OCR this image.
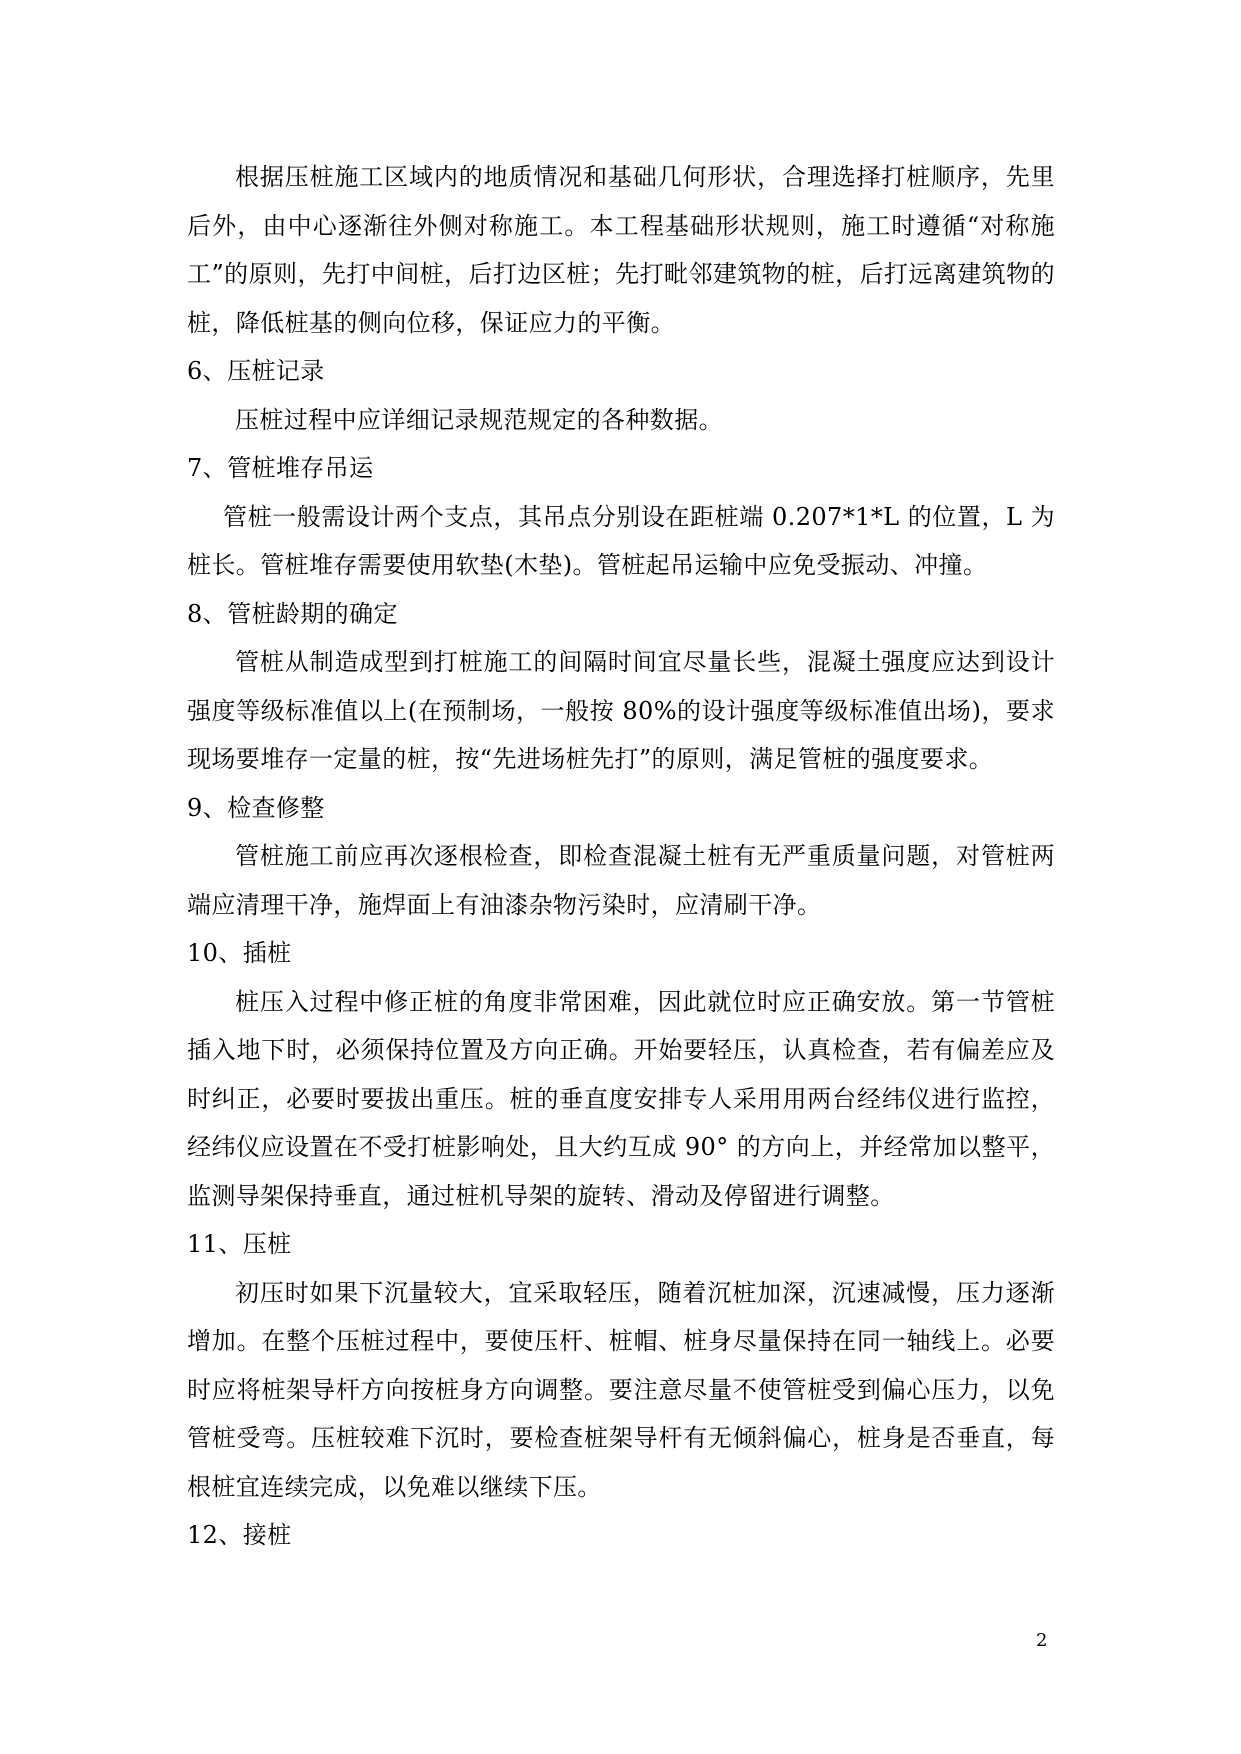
根据压桩施工区域内的地质情况和基础几何形状，合理选择打桩顺序，先里后外，由中心逐渐往外侧对称施工。本工程基础形状规则，施工时遵循“对称施工”的原则，先打中间桩，后打边区桩；先打毗邻建筑物的桩，后打远离建筑物的桩，降低桩基的侧向位移，保证应力的平衡。

6、压桩记录

压桩过程中应详细记录规范规定的各种数据。

7、管桩堆存吊运

管桩一般需设计两个支点，其吊点分别设在距桩端 0.207*1*L 的位置，L 为桩长。管桩堆存需要使用软垫(木垫)。管桩起吊运输中应免受振动、冲撞。

8、管桩龄期的确定

管桩从制造成型到打桩施工的间隔时间宜尽量长些，混凝土强度应达到设计强度等级标准值以上(在预制场，一般按 80%的设计强度等级标准值出场)，要求现场要堆存一定量的桩，按“先进场桩先打”的原则，满足管桩的强度要求。

9、检查修整

管桩施工前应再次逐根检查，即检查混凝土桩有无严重质量问题，对管桩两端应清理干净，施焊面上有油漆杂物污染时，应清刷干净。

10、插桩

桩压入过程中修正桩的角度非常困难，因此就位时应正确安放。第一节管桩插入地下时，必须保持位置及方向正确。开始要轻压，认真检查，若有偏差应及时纠正，必要时要拔出重压。桩的垂直度安排专人采用用两台经纬仪进行监控，经纬仪应设置在不受打桩影响处，且大约互成 90° 的方向上，并经常加以整平，监测导架保持垂直，通过桩机导架的旋转、滑动及停留进行调整。

11、压桩

初压时如果下沉量较大，宜采取轻压，随着沉桩加深，沉速减慢，压力逐渐增加。在整个压桩过程中，要使压杆、桩帽、桩身尽量保持在同一轴线上。必要时应将桩架导杆方向按桩身方向调整。要注意尽量不使管桩受到偏心压力，以免管桩受弯。压桩较难下沉时，要检查桩架导杆有无倾斜偏心，桩身是否垂直，每根桩宜连续完成，以免难以继续下压。

12、接桩

2
